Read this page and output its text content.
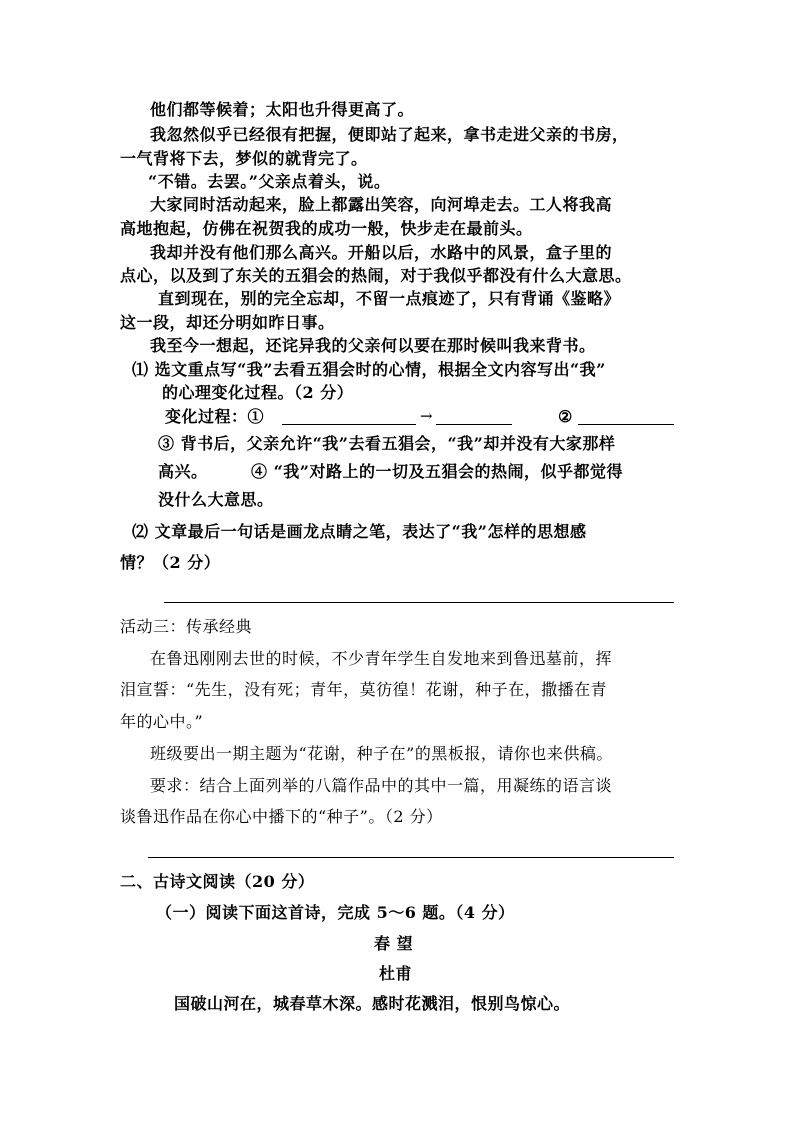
他们都等候着；太阳也升得更高了。
我忽然似乎已经很有把握，便即站了起来，拿书走进父亲的书房，
一气背将下去，梦似的就背完了。
“不错。去罢。”父亲点着头，说。
大家同时活动起来，脸上都露出笑容，向河埠走去。工人将我高
高地抱起，仿佛在祝贺我的成功一般，快步走在最前头。
我却并没有他们那么高兴。开船以后，水路中的风景，盒子里的
点心，以及到了东关的五猖会的热闹，对于我似乎都没有什么大意思。
直到现在，别的完全忘却，不留一点痕迹了，只有背诵《鉴略》
这一段，却还分明如昨日事。
我至今一想起，还诧异我的父亲何以要在那时候叫我来背书。
⑴ 选文重点写“我”去看五猖会时的心情，根据全文内容写出“我”
的心理变化过程。（2 分）
变化过程：①	→	②
③ 背书后，父亲允许“我”去看五猖会，“我”却并没有大家那样
高兴。	④ “我”对路上的一切及五猖会的热闹，似乎都觉得
没什么大意思。
⑵ 文章最后一句话是画龙点睛之笔，表达了“我”怎样的思想感
情？（2 分）
活动三：传承经典
在鲁迅刚刚去世的时候，不少青年学生自发地来到鲁迅墓前，挥
泪宣誓：“先生，没有死；青年，莫彷徨！花谢，种子在，撒播在青
年的心中。”
班级要出一期主题为“花谢，种子在”的黑板报，请你也来供稿。
要求：结合上面列举的八篇作品中的其中一篇，用凝练的语言谈
谈鲁迅作品在你心中播下的“种子”。（2 分）
二、古诗文阅读（20 分）
（一）阅读下面这首诗，完成 5～6 题。（4 分）
春 望
杜甫
国破山河在，城春草木深。感时花溅泪，恨别鸟惊心。
